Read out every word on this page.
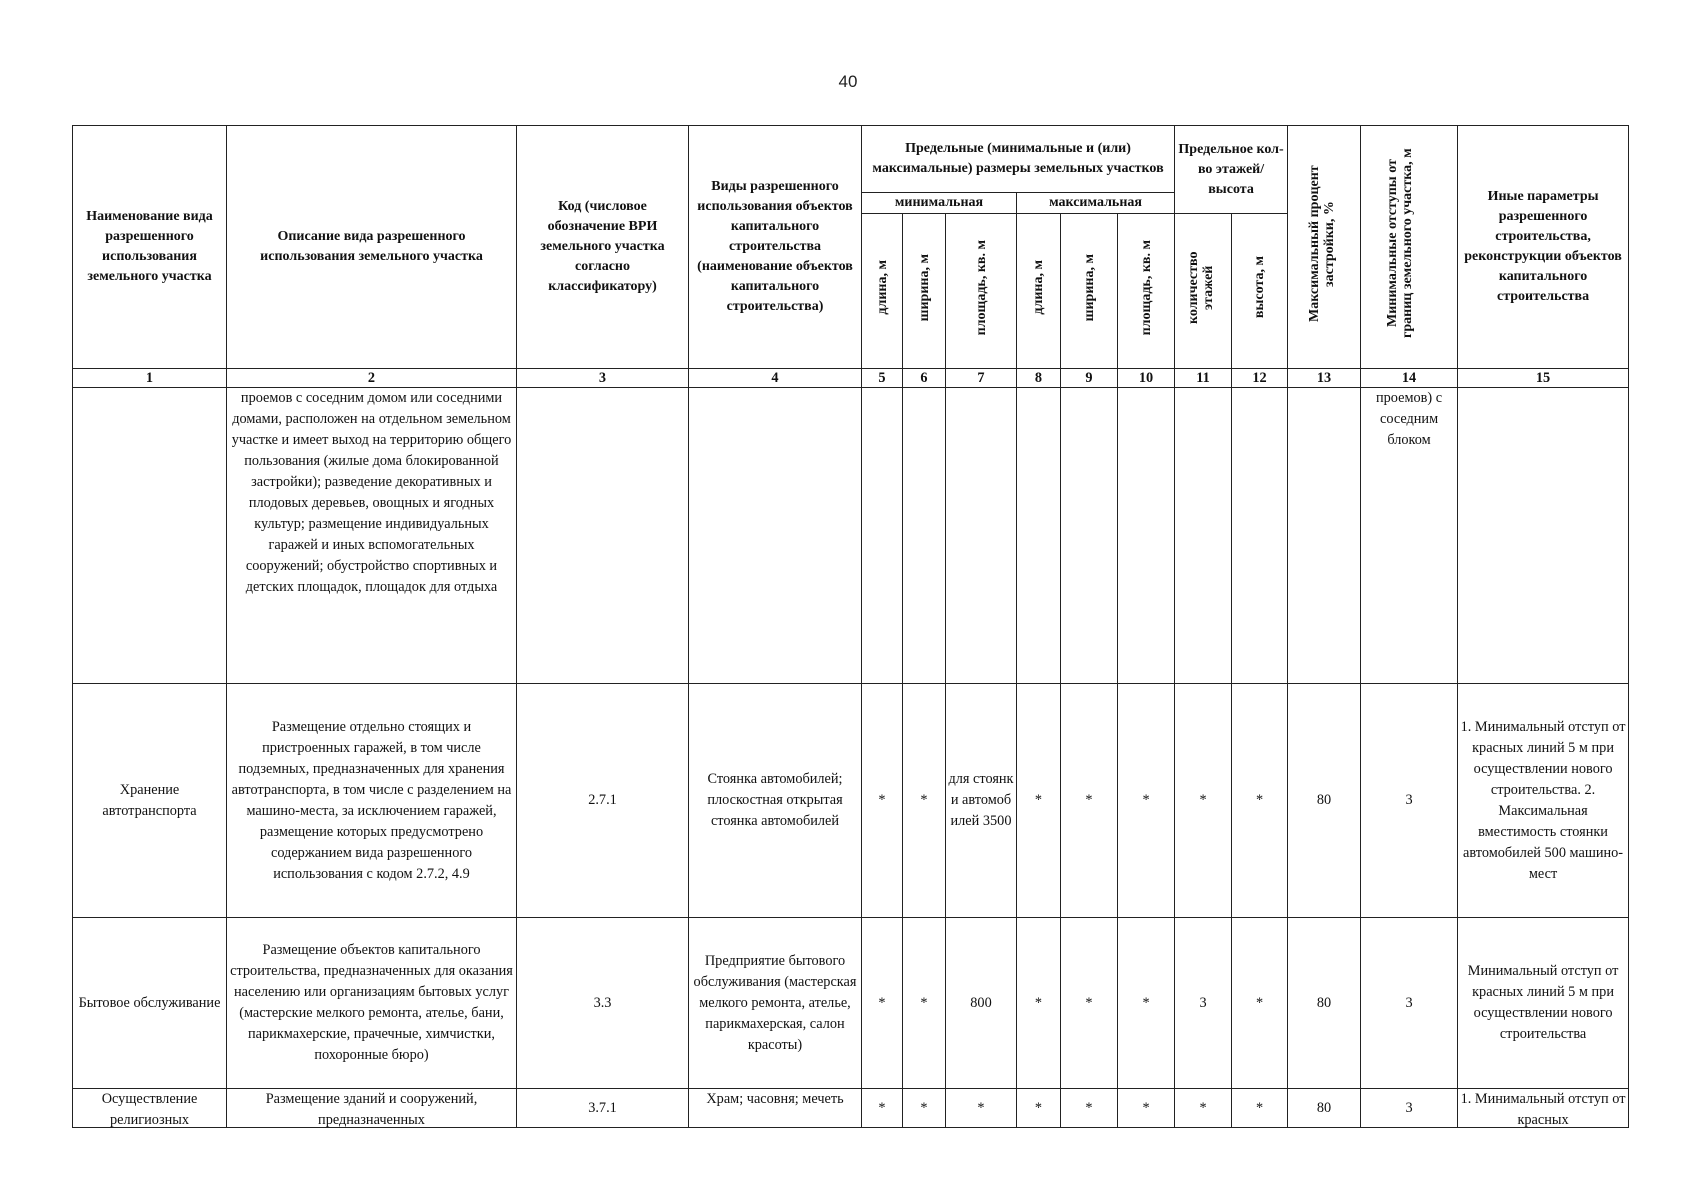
40
Наименование вида разрешенного использования земельного участка	Описание вида разрешенного использования земельного участка	Код (числовое обозначение ВРИ земельного участка согласно классификатору)	Виды разрешенного использования объектов капитального строительства (наименование объектов капитального строительства)	Предельные (минимальные и (или) максимальные) размеры земельных участков						Предельное кол-во этажей/высота		Максимальный процент застройки, %	Минимальные отступы от границ земельного участка, м	Иные параметры разрешенного строительства, реконструкции объектов капитального строительства
				минимальная			максимальная							
				длина, м	ширина, м	площадь, кв. м	длина, м	ширина, м	площадь, кв. м	количество этажей	высота, м			
1	2	3	4	5	6	7	8	9	10	11	12	13	14	15
	проемов с соседним домом или соседними домами, расположен на отдельном земельном участке и имеет выход на территорию общего пользования (жилые дома блокированной застройки); разведение декоративных и плодовых деревьев, овощных и ягодных культур; размещение индивидуальных гаражей и иных вспомогательных сооружений; обустройство спортивных и детских площадок, площадок для отдыха												проемов) с соседним блоком	
Хранение автотранспорта	Размещение отдельно стоящих и пристроенных гаражей, в том числе подземных, предназначенных для хранения автотранспорта, в том числе с разделением на машино-места, за исключением гаражей, размещение которых предусмотрено содержанием вида разрешенного использования с кодом 2.7.2, 4.9	2.7.1	Стоянка автомобилей; плоскостная открытая стоянка автомобилей	*	*	для стоянки автомобилей 3500	*	*	*	*	*	80	3	1. Минимальный отступ от красных линий 5 м при осуществлении нового строительства. 2. Максимальная вместимость стоянки автомобилей 500 машино-мест
Бытовое обслуживание	Размещение объектов капитального строительства, предназначенных для оказания населению или организациям бытовых услуг (мастерские мелкого ремонта, ателье, бани, парикмахерские, прачечные, химчистки, похоронные бюро)	3.3	Предприятие бытового обслуживания (мастерская мелкого ремонта, ателье, парикмахерская, салон красоты)	*	*	800	*	*	*	3	*	80	3	Минимальный отступ от красных линий 5 м при осуществлении нового строительства

Осуществление религиозных	Размещение зданий и сооружений, предназначенных	3.7.1	Храм; часовня; мечеть	*	*	*	*	*	*	*	*	80	3	1. Минимальный отступ от красных
